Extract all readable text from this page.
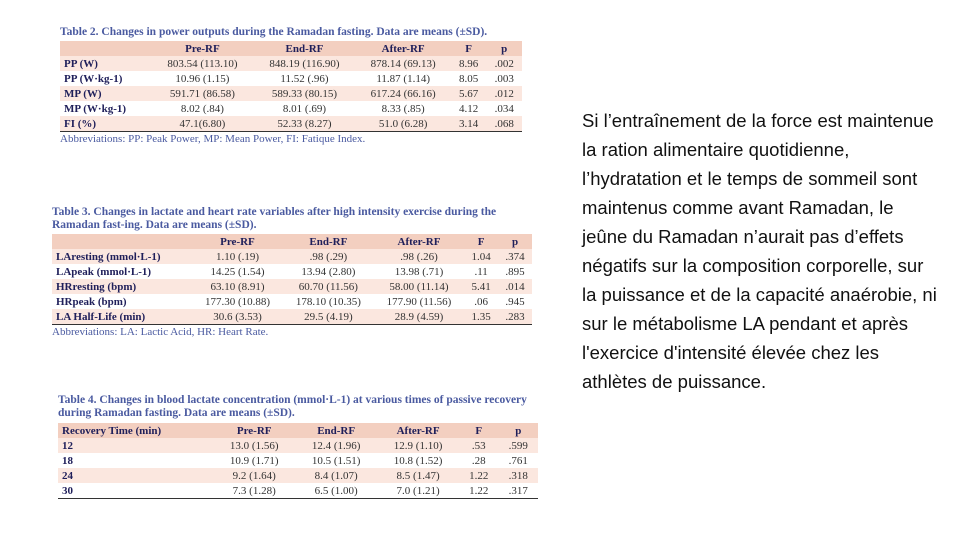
Table 2. Changes in power outputs during the Ramadan fasting. Data are means (±SD).
	Pre-RF	End-RF	After-RF	F	p
PP (W)	803.54 (113.10)	848.19 (116.90)	878.14 (69.13)	8.96	.002
PP (W·kg-1)	10.96 (1.15)	11.52 (.96)	11.87 (1.14)	8.05	.003
MP (W)	591.71 (86.58)	589.33 (80.15)	617.24 (66.16)	5.67	.012
MP (W·kg-1)	8.02 (.84)	8.01 (.69)	8.33 (.85)	4.12	.034
FI (%)	47.1(6.80)	52.33 (8.27)	51.0 (6.28)	3.14	.068
Abbreviations: PP: Peak Power, MP: Mean Power, FI: Fatique Index.
Table 3. Changes in lactate and heart rate variables after high intensity exercise during the Ramadan fast-ing. Data are means (±SD).
	Pre-RF	End-RF	After-RF	F	p
LAresting (mmol·L-1)	1.10 (.19)	.98 (.29)	.98 (.26)	1.04	.374
LApeak (mmol·L-1)	14.25 (1.54)	13.94 (2.80)	13.98 (.71)	.11	.895
HRresting (bpm)	63.10 (8.91)	60.70 (11.56)	58.00 (11.14)	5.41	.014
HRpeak (bpm)	177.30 (10.88)	178.10 (10.35)	177.90 (11.56)	.06	.945
LA Half-Life (min)	30.6 (3.53)	29.5 (4.19)	28.9 (4.59)	1.35	.283
Abbreviations: LA: Lactic Acid, HR: Heart Rate.
Table 4. Changes in blood lactate concentration (mmol·L-1) at various times of passive recovery during Ramadan fasting. Data are means (±SD).
Recovery Time (min)	Pre-RF	End-RF	After-RF	F	p
12	13.0 (1.56)	12.4 (1.96)	12.9 (1.10)	.53	.599
18	10.9 (1.71)	10.5 (1.51)	10.8 (1.52)	.28	.761
24	9.2 (1.64)	8.4 (1.07)	8.5 (1.47)	1.22	.318
30	7.3 (1.28)	6.5 (1.00)	7.0 (1.21)	1.22	.317
Si l’entraînement de la force est maintenue la ration alimentaire quotidienne, l’hydratation et le temps de sommeil sont maintenus comme avant Ramadan, le jeûne du Ramadan n’aurait pas d’effets négatifs sur la composition corporelle, sur la puissance et de la capacité anaérobie, ni sur le métabolisme LA pendant et après l'exercice d'intensité élevée chez les athlètes de puissance.
